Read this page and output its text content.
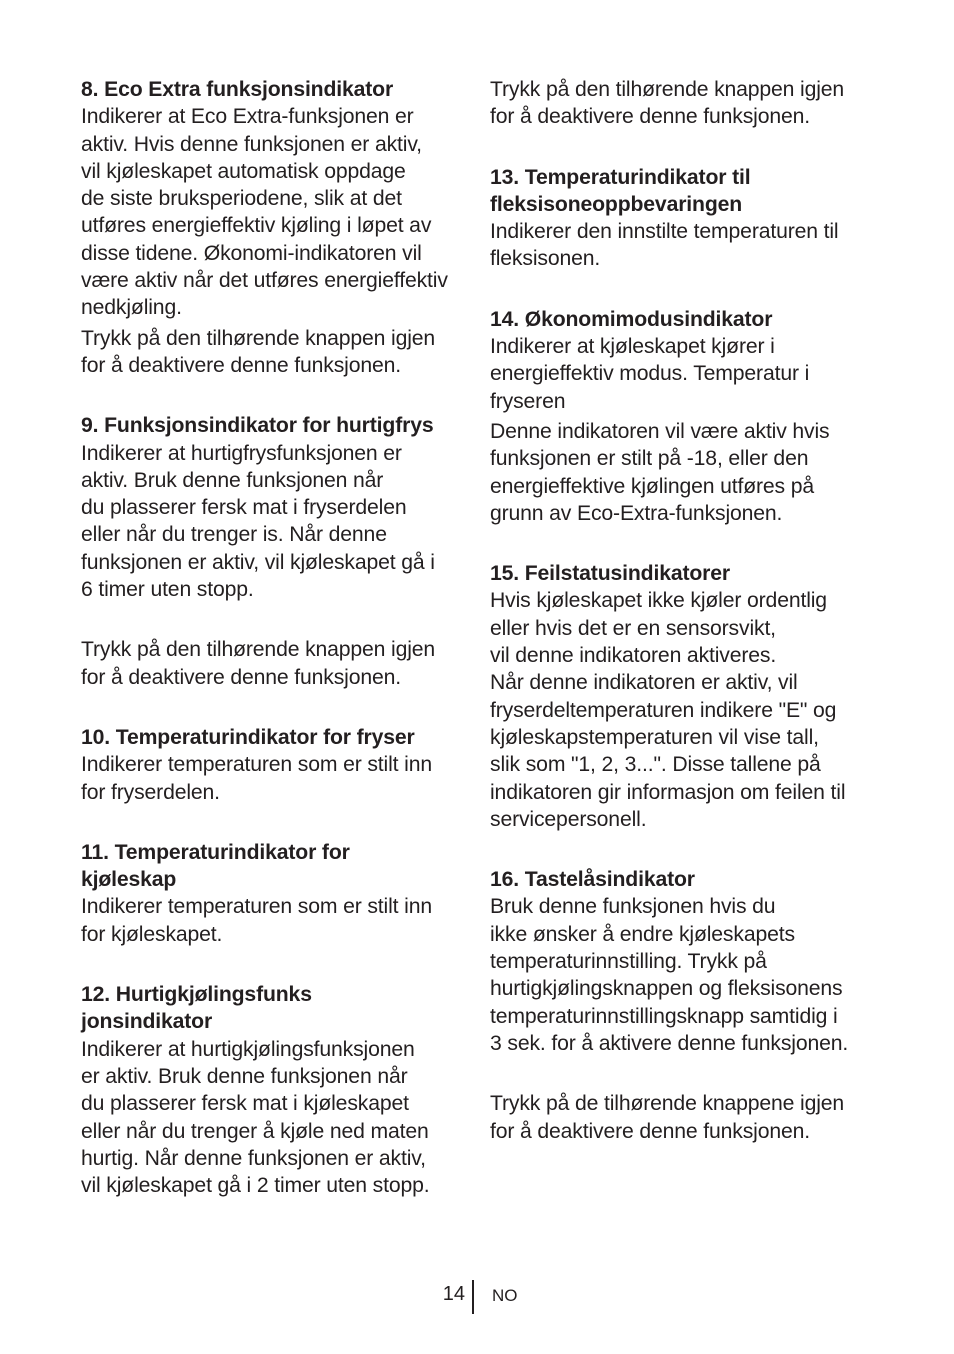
8. Eco Extra funksjonsindikator

Indikerer at Eco Extra-funksjonen er
aktiv. Hvis denne funksjonen er aktiv,
vil kjøleskapet automatisk oppdage
de siste bruksperiodene, slik at det
utføres energieffektiv kjøling i løpet av
disse tidene. Økonomi-indikatoren vil
være aktiv når det utføres energieffektiv
nedkjøling.

Trykk på den tilhørende knappen igjen
for å deaktivere denne funksjonen.

9. Funksjonsindikator for hurtigfrys

Indikerer at hurtigfrysfunksjonen er
aktiv. Bruk denne funksjonen når
du plasserer fersk mat i fryserdelen
eller når du trenger is. Når denne
funksjonen er aktiv, vil kjøleskapet gå i
6 timer uten stopp.

Trykk på den tilhørende knappen igjen
for å deaktivere denne funksjonen.

10. Temperaturindikator for fryser

Indikerer temperaturen som er stilt inn
for fryserdelen.

11. Temperaturindikator for
kjøleskap

Indikerer temperaturen som er stilt inn
for kjøleskapet.

12. Hurtigkjølingsfunks
jonsindikator

Indikerer at hurtigkjølingsfunksjonen
er aktiv. Bruk denne funksjonen når
du plasserer fersk mat i kjøleskapet
eller når du trenger å kjøle ned maten
hurtig. Når denne funksjonen er aktiv,
vil kjøleskapet gå i 2 timer uten stopp.

Trykk på den tilhørende knappen igjen
for å deaktivere denne funksjonen.

13. Temperaturindikator til
fleksisoneoppbevaringen

Indikerer den innstilte temperaturen til
fleksisonen.

14. Økonomimodusindikator

Indikerer at kjøleskapet kjører i
energieffektiv modus. Temperatur i
fryseren

Denne indikatoren vil være aktiv hvis
funksjonen er stilt på -18, eller den
energieffektive kjølingen utføres på
grunn av Eco-Extra-funksjonen.

15. Feilstatusindikatorer

Hvis kjøleskapet ikke kjøler ordentlig
eller hvis det er en sensorsvikt,
vil denne indikatoren aktiveres.
Når denne indikatoren er aktiv, vil
fryserdeltemperaturen indikere "E" og
kjøleskapstemperaturen vil vise tall,
slik som "1, 2, 3...". Disse tallene på
indikatoren gir informasjon om feilen til
servicepersonell.

16. Tastelåsindikator

Bruk denne funksjonen hvis du
ikke ønsker å endre kjøleskapets
temperaturinnstilling. Trykk på
hurtigkjølingsknappen og fleksisonens
temperaturinnstillingsknapp samtidig i
3 sek. for å aktivere denne funksjonen.

Trykk på de tilhørende knappene igjen
for å deaktivere denne funksjonen.

14 NO
